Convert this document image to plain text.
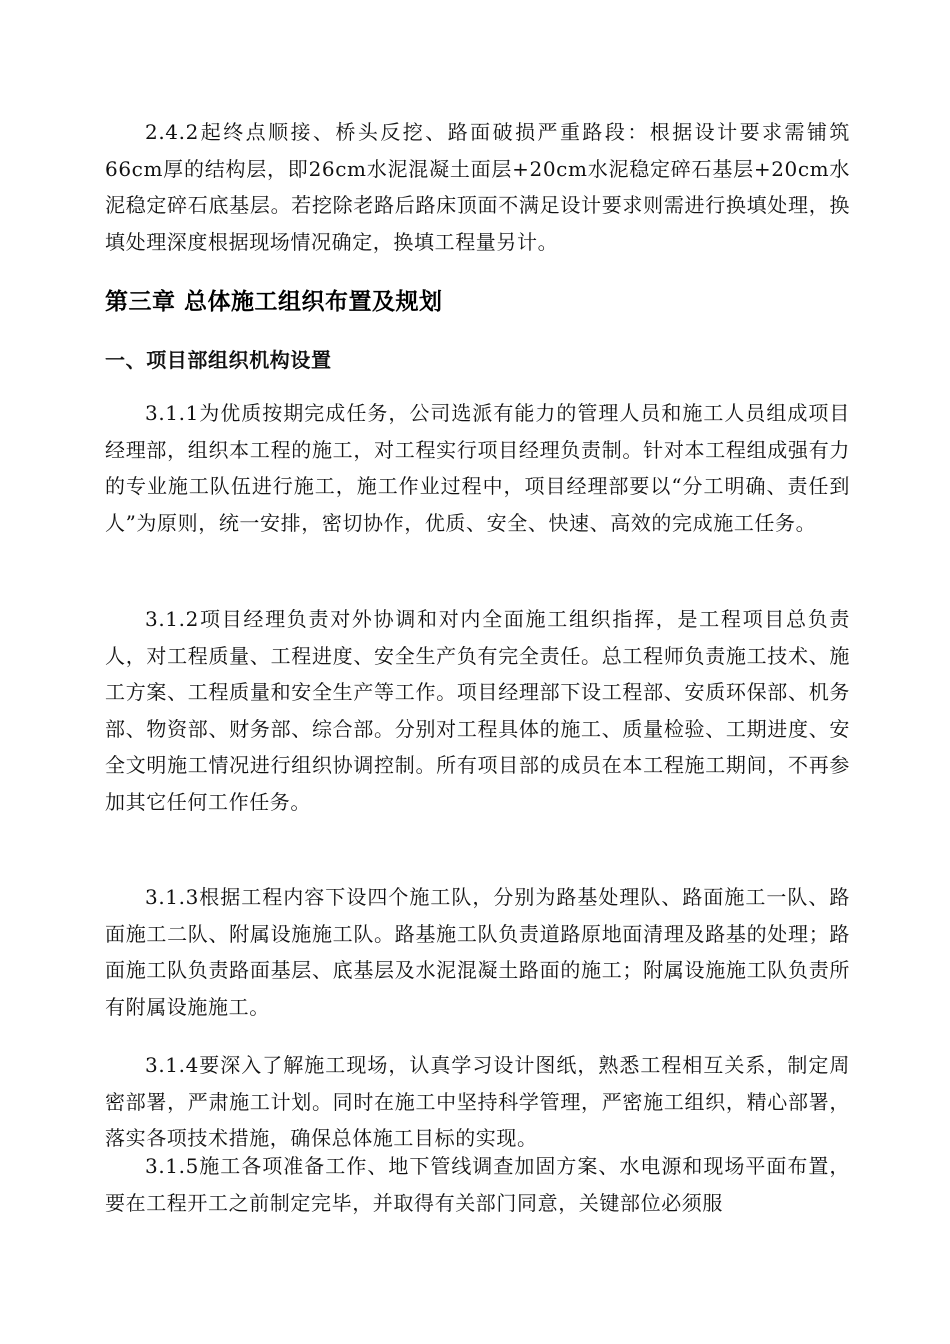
2.4.2起终点顺接、桥头反挖、路面破损严重路段：根据设计要求需铺筑66cm厚的结构层，即26cm水泥混凝土面层+20cm水泥稳定碎石基层+20cm水泥稳定碎石底基层。若挖除老路后路床顶面不满足设计要求则需进行换填处理，换填处理深度根据现场情况确定，换填工程量另计。

第三章 总体施工组织布置及规划
一、项目部组织机构设置

3.1.1为优质按期完成任务，公司选派有能力的管理人员和施工人员组成项目经理部，组织本工程的施工，对工程实行项目经理负责制。针对本工程组成强有力的专业施工队伍进行施工，施工作业过程中，项目经理部要以“分工明确、责任到人”为原则，统一安排，密切协作，优质、安全、快速、高效的完成施工任务。

3.1.2项目经理负责对外协调和对内全面施工组织指挥，是工程项目总负责人，对工程质量、工程进度、安全生产负有完全责任。总工程师负责施工技术、施工方案、工程质量和安全生产等工作。项目经理部下设工程部、安质环保部、机务部、物资部、财务部、综合部。分别对工程具体的施工、质量检验、工期进度、安全文明施工情况进行组织协调控制。所有项目部的成员在本工程施工期间，不再参加其它任何工作任务。

3.1.3根据工程内容下设四个施工队，分别为路基处理队、路面施工一队、路面施工二队、附属设施施工队。路基施工队负责道路原地面清理及路基的处理；路面施工队负责路面基层、底基层及水泥混凝土路面的施工；附属设施施工队负责所有附属设施施工。

3.1.4要深入了解施工现场，认真学习设计图纸，熟悉工程相互关系，制定周密部署，严肃施工计划。同时在施工中坚持科学管理，严密施工组织，精心部署，落实各项技术措施，确保总体施工目标的实现。

3.1.5施工各项准备工作、地下管线调查加固方案、水电源和现场平面布置，要在工程开工之前制定完毕，并取得有关部门同意，关键部位必须服
